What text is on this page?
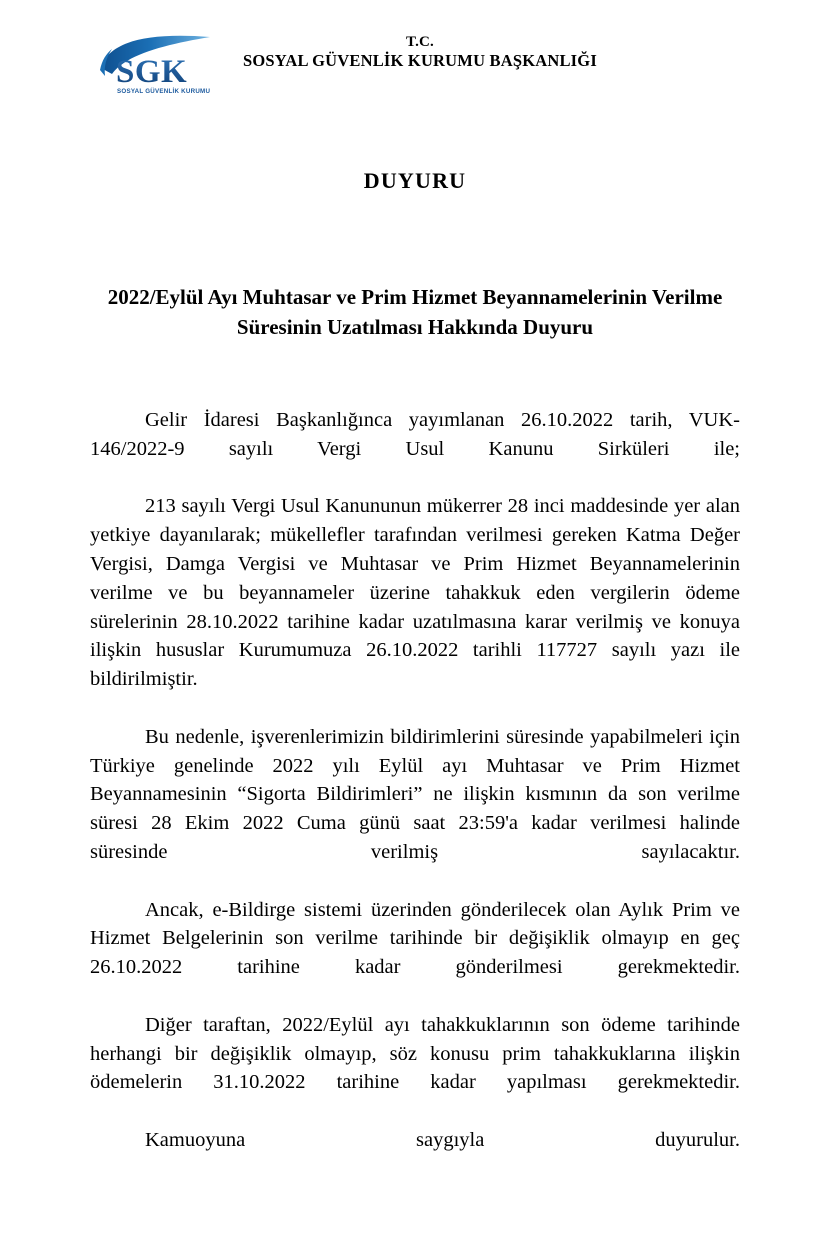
SGK
SOSYAL GÜVENLİK KURUMU
T.C.
SOSYAL GÜVENLİK KURUMU BAŞKANLIĞI
DUYURU
2022/Eylül Ayı Muhtasar ve Prim Hizmet Beyannamelerinin Verilme Süresinin Uzatılması Hakkında Duyuru

Gelir İdaresi Başkanlığınca yayımlanan 26.10.2022 tarih, VUK-146/2022-9 sayılı Vergi Usul Kanunu Sirküleri ile;

213 sayılı Vergi Usul Kanununun mükerrer 28 inci maddesinde yer alan yetkiye dayanılarak; mükellefler tarafından verilmesi gereken Katma Değer Vergisi, Damga Vergisi ve Muhtasar ve Prim Hizmet Beyannamelerinin verilme ve bu beyannameler üzerine tahakkuk eden vergilerin ödeme sürelerinin 28.10.2022 tarihine kadar uzatılmasına karar verilmiş ve konuya ilişkin hususlar Kurumumuza 26.10.2022 tarihli 117727 sayılı yazı ile bildirilmiştir.

Bu nedenle, işverenlerimizin bildirimlerini süresinde yapabilmeleri için Türkiye genelinde 2022 yılı Eylül ayı Muhtasar ve Prim Hizmet Beyannamesinin “Sigorta Bildirimleri” ne ilişkin kısmının da son verilme süresi 28 Ekim 2022 Cuma günü saat 23:59'a kadar verilmesi halinde süresinde verilmiş sayılacaktır.

Ancak, e-Bildirge sistemi üzerinden gönderilecek olan Aylık Prim ve Hizmet Belgelerinin son verilme tarihinde bir değişiklik olmayıp en geç 26.10.2022 tarihine kadar gönderilmesi gerekmektedir.

Diğer taraftan, 2022/Eylül ayı tahakkuklarının son ödeme tarihinde herhangi bir değişiklik olmayıp, söz konusu prim tahakkuklarına ilişkin ödemelerin 31.10.2022 tarihine kadar yapılması gerekmektedir.

Kamuoyuna saygıyla duyurulur.
